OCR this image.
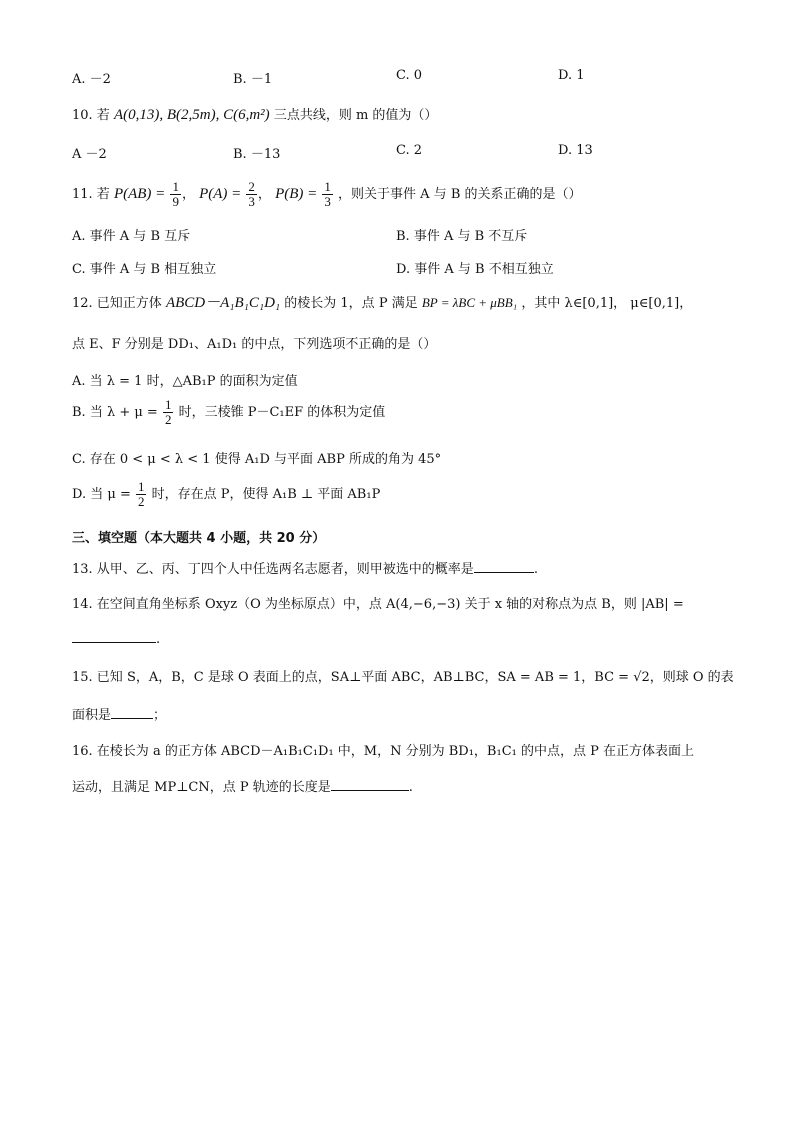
A. －2	B. －1	C. 0	D. 1
10. 若 A(0,13), B(2,5m), C(6,m²) 三点共线，则 m 的值为（）
A －2	B. －13	C. 2	D. 13
11. 若 $P(AB) = \frac{1}{9}$ ， $P(A) = \frac{2}{3}$ ， $P(B) = \frac{1}{3}$ ，则关于事件 A 与 B 的关系正确的是（）
A. 事件 A 与 B 互斥	B. 事件 A 与 B 不互斥
C. 事件 A 与 B 相互独立	D. 事件 A 与 B 不相互独立
12. 已知正方体 ABCD－A₁B₁C₁D₁ 的棱长为 1，点 P 满足 BP = λBC + μBB₁ ，其中 λ∈[0,1]， μ∈[0,1]，
点 E、F 分别是 DD₁、A₁D₁ 的中点，下列选项不正确的是（）
A. 当 λ = 1 时，△AB₁P 的面积为定值
B. 当 $\lambda + \mu = \frac{1}{2}$ 时，三棱锥 P－C₁EF 的体积为定值
C. 存在 0 < μ < λ < 1 使得 A₁D 与平面 ABP 所成的角为 45°
D. 当 $\mu = \frac{1}{2}$ 时，存在点 P，使得 A₁B ⊥ 平面 AB₁P
三、填空题（本大题共 4 小题，共 20 分）
13. 从甲、乙、丙、丁四个人中任选两名志愿者，则甲被选中的概率是	.
14. 在空间直角坐标系 Oxyz（O 为坐标原点）中，点 A(4,−6,−3) 关于 x 轴的对称点为点 B，则 |AB| =
.
15. 已知 S，A，B，C 是球 O 表面上的点，SA⊥平面 ABC，AB⊥BC，SA = AB = 1，BC = √2，则球 O 的表
面积是	；
16. 在棱长为 a 的正方体 ABCD－A₁B₁C₁D₁ 中，M，N 分别为 BD₁，B₁C₁ 的中点，点 P 在正方体表面上
运动，且满足 MP⊥CN，点 P 轨迹的长度是	.
